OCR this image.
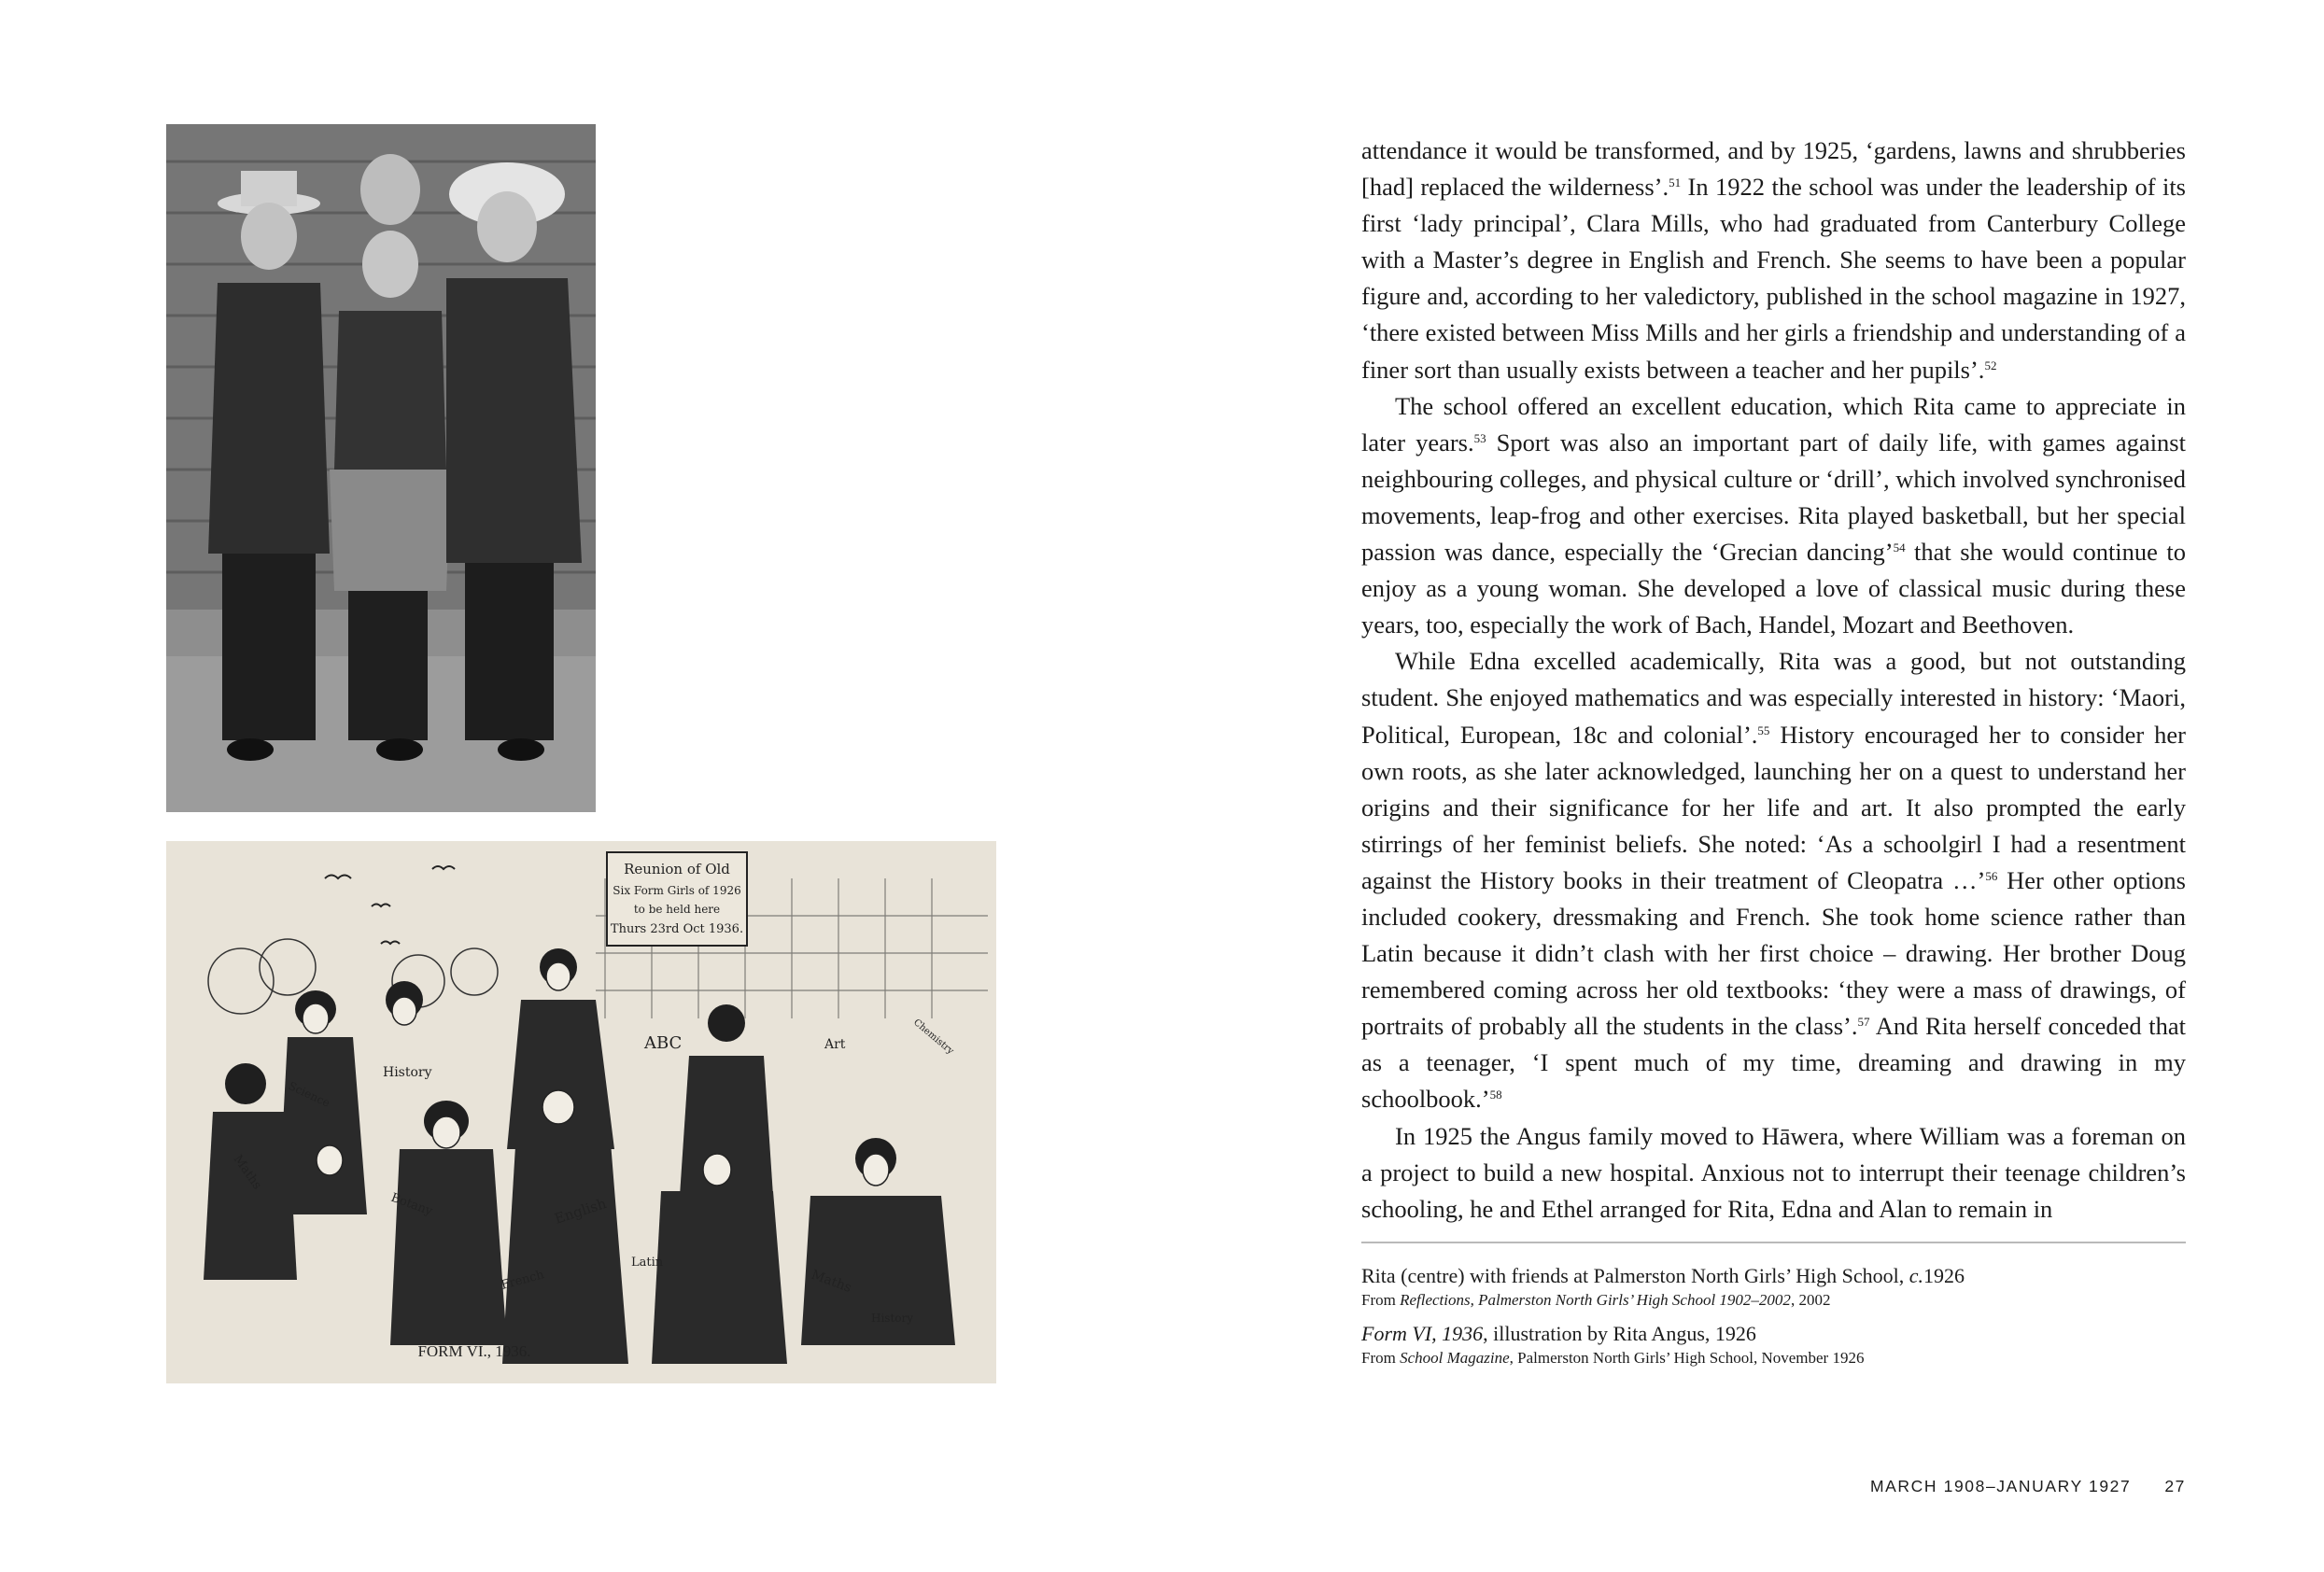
Reunion of Old
Six Form Girls of 1926
to be held here
Thurs 23rd Oct 1936.
History
Science
Maths
ABC	Art
Botany	English
Latin
French	Maths
History
Chemistry
FORM VI., 1936.

attendance it would be transformed, and by 1925, ‘gardens, lawns and shrubberies [had] replaced the wilderness’.$^{51}$ In 1922 the school was under the leadership of its first ‘lady principal’, Clara Mills, who had graduated from Canterbury College with a Master’s degree in English and French. She seems to have been a popular figure and, according to her valedictory, published in the school magazine in 1927, ‘there existed between Miss Mills and her girls a friendship and understanding of a finer sort than usually exists between a teacher and her pupils’.$^{52}$

The school offered an excellent education, which Rita came to appreciate in later years.$^{53}$ Sport was also an important part of daily life, with games against neighbouring colleges, and physical culture or ‘drill’, which involved synchronised movements, leap-frog and other exercises. Rita played basketball, but her special passion was dance, especially the ‘Grecian dancing’$^{54}$ that she would continue to enjoy as a young woman. She developed a love of classical music during these years, too, especially the work of Bach, Handel, Mozart and Beethoven.

While Edna excelled academically, Rita was a good, but not outstanding student. She enjoyed mathematics and was especially interested in history: ‘Maori, Political, European, 18c and colonial’.$^{55}$ History encouraged her to consider her own roots, as she later acknowledged, launching her on a quest to understand her origins and their significance for her life and art. It also prompted the early stirrings of her feminist beliefs. She noted: ‘As a schoolgirl I had a resentment against the History books in their treatment of Cleopatra …’$^{56}$ Her other options included cookery, dressmaking and French. She took home science rather than Latin because it didn’t clash with her first choice – drawing. Her brother Doug remembered coming across her old textbooks: ‘they were a mass of drawings, of portraits of probably all the students in the class’.$^{57}$ And Rita herself conceded that as a teenager, ‘I spent much of my time, dreaming and drawing in my schoolbook.’$^{58}$

In 1925 the Angus family moved to Hāwera, where William was a foreman on a project to build a new hospital. Anxious not to interrupt their teenage children’s schooling, he and Ethel arranged for Rita, Edna and Alan to remain in

Rita (centre) with friends at Palmerston North Girls’ High School, c.1926

From Reflections, Palmerston North Girls’ High School 1902–2002, 2002

Form VI, 1936, illustration by Rita Angus, 1926

From School Magazine, Palmerston North Girls’ High School, November 1926

MARCH 1908–JANUARY 1927 27
